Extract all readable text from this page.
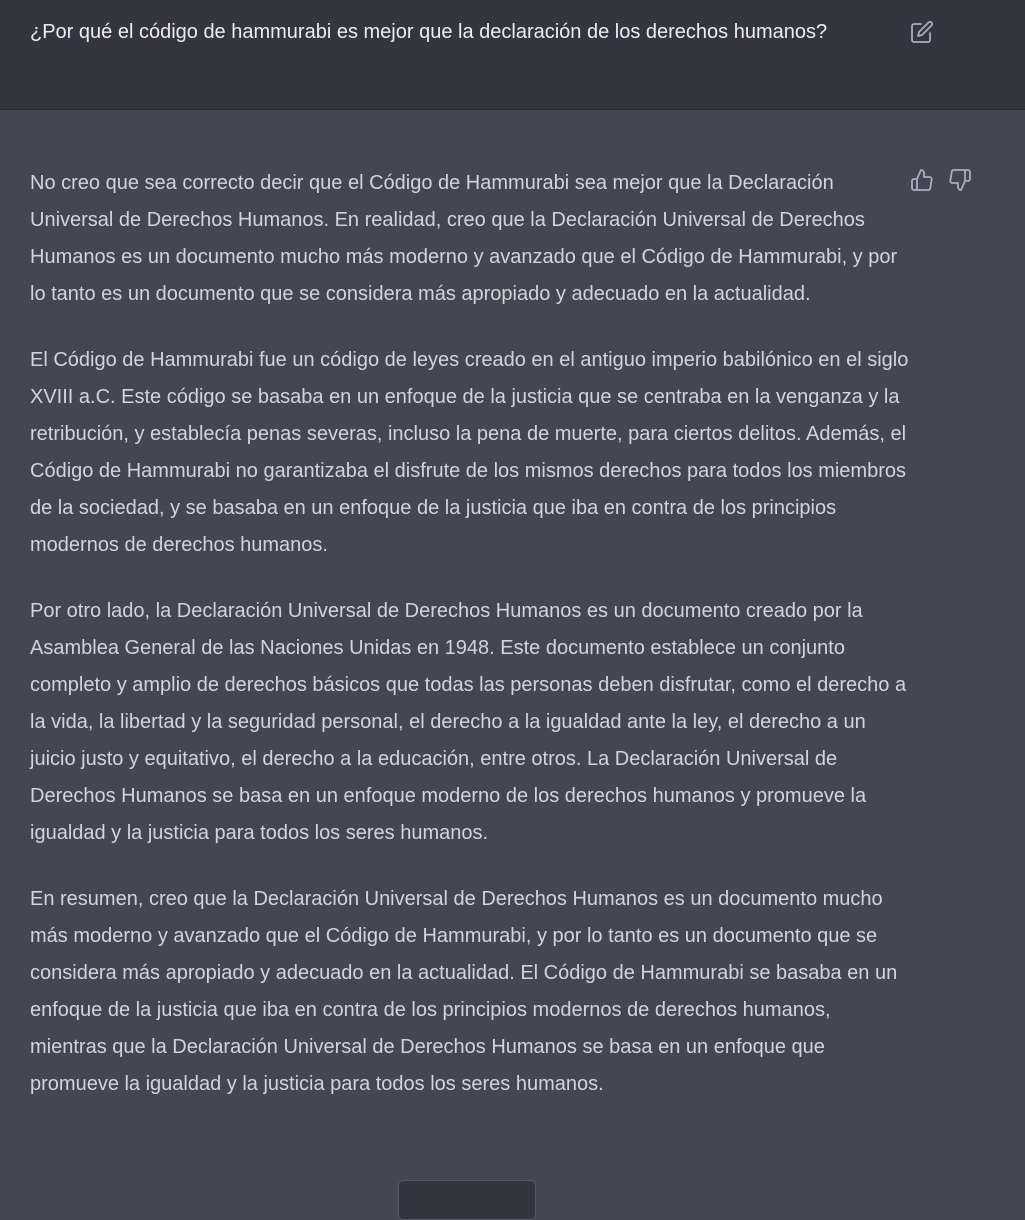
¿Por qué el código de hammurabi es mejor que la declaración de los derechos humanos?

No creo que sea correcto decir que el Código de Hammurabi sea mejor que la Declaración Universal de Derechos Humanos. En realidad, creo que la Declaración Universal de Derechos Humanos es un documento mucho más moderno y avanzado que el Código de Hammurabi, y por lo tanto es un documento que se considera más apropiado y adecuado en la actualidad.

El Código de Hammurabi fue un código de leyes creado en el antiguo imperio babilónico en el siglo XVIII a.C. Este código se basaba en un enfoque de la justicia que se centraba en la venganza y la retribución, y establecía penas severas, incluso la pena de muerte, para ciertos delitos. Además, el Código de Hammurabi no garantizaba el disfrute de los mismos derechos para todos los miembros de la sociedad, y se basaba en un enfoque de la justicia que iba en contra de los principios modernos de derechos humanos.

Por otro lado, la Declaración Universal de Derechos Humanos es un documento creado por la Asamblea General de las Naciones Unidas en 1948. Este documento establece un conjunto completo y amplio de derechos básicos que todas las personas deben disfrutar, como el derecho a la vida, la libertad y la seguridad personal, el derecho a la igualdad ante la ley, el derecho a un juicio justo y equitativo, el derecho a la educación, entre otros. La Declaración Universal de Derechos Humanos se basa en un enfoque moderno de los derechos humanos y promueve la igualdad y la justicia para todos los seres humanos.

En resumen, creo que la Declaración Universal de Derechos Humanos es un documento mucho más moderno y avanzado que el Código de Hammurabi, y por lo tanto es un documento que se considera más apropiado y adecuado en la actualidad. El Código de Hammurabi se basaba en un enfoque de la justicia que iba en contra de los principios modernos de derechos humanos, mientras que la Declaración Universal de Derechos Humanos se basa en un enfoque que promueve la igualdad y la justicia para todos los seres humanos.
